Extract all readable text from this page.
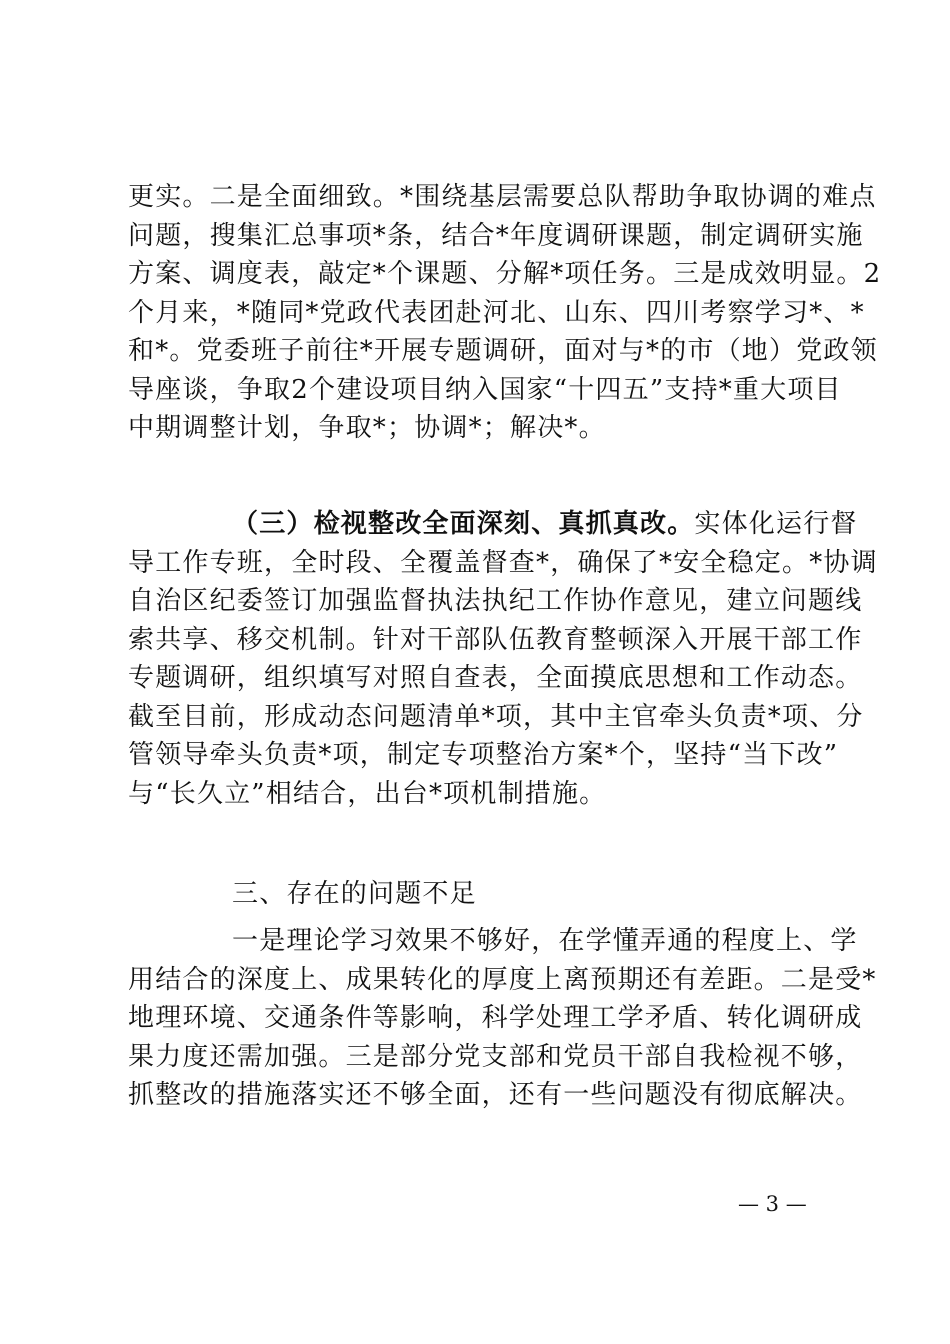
更实。二是全面细致。*围绕基层需要总队帮助争取协调的难点
问题，搜集汇总事项*条，结合*年度调研课题，制定调研实施
方案、调度表，敲定*个课题、分解*项任务。三是成效明显。2
个月来，*随同*党政代表团赴河北、山东、四川考察学习*、*
和*。党委班子前往*开展专题调研，面对与*的市（地）党政领
导座谈，争取2个建设项目纳入国家“十四五”支持*重大项目
中期调整计划，争取*；协调*；解决*。
（三）检视整改全面深刻、真抓真改。实体化运行督
导工作专班，全时段、全覆盖督查*，确保了*安全稳定。*协调
自治区纪委签订加强监督执法执纪工作协作意见，建立问题线
索共享、移交机制。针对干部队伍教育整顿深入开展干部工作
专题调研，组织填写对照自查表，全面摸底思想和工作动态。
截至目前，形成动态问题清单*项，其中主官牵头负责*项、分
管领导牵头负责*项，制定专项整治方案*个，坚持“当下改”
与“长久立”相结合，出台*项机制措施。
三、存在的问题不足
一是理论学习效果不够好，在学懂弄通的程度上、学
用结合的深度上、成果转化的厚度上离预期还有差距。二是受*
地理环境、交通条件等影响，科学处理工学矛盾、转化调研成
果力度还需加强。三是部分党支部和党员干部自我检视不够，
抓整改的措施落实还不够全面，还有一些问题没有彻底解决。
— 3 —
